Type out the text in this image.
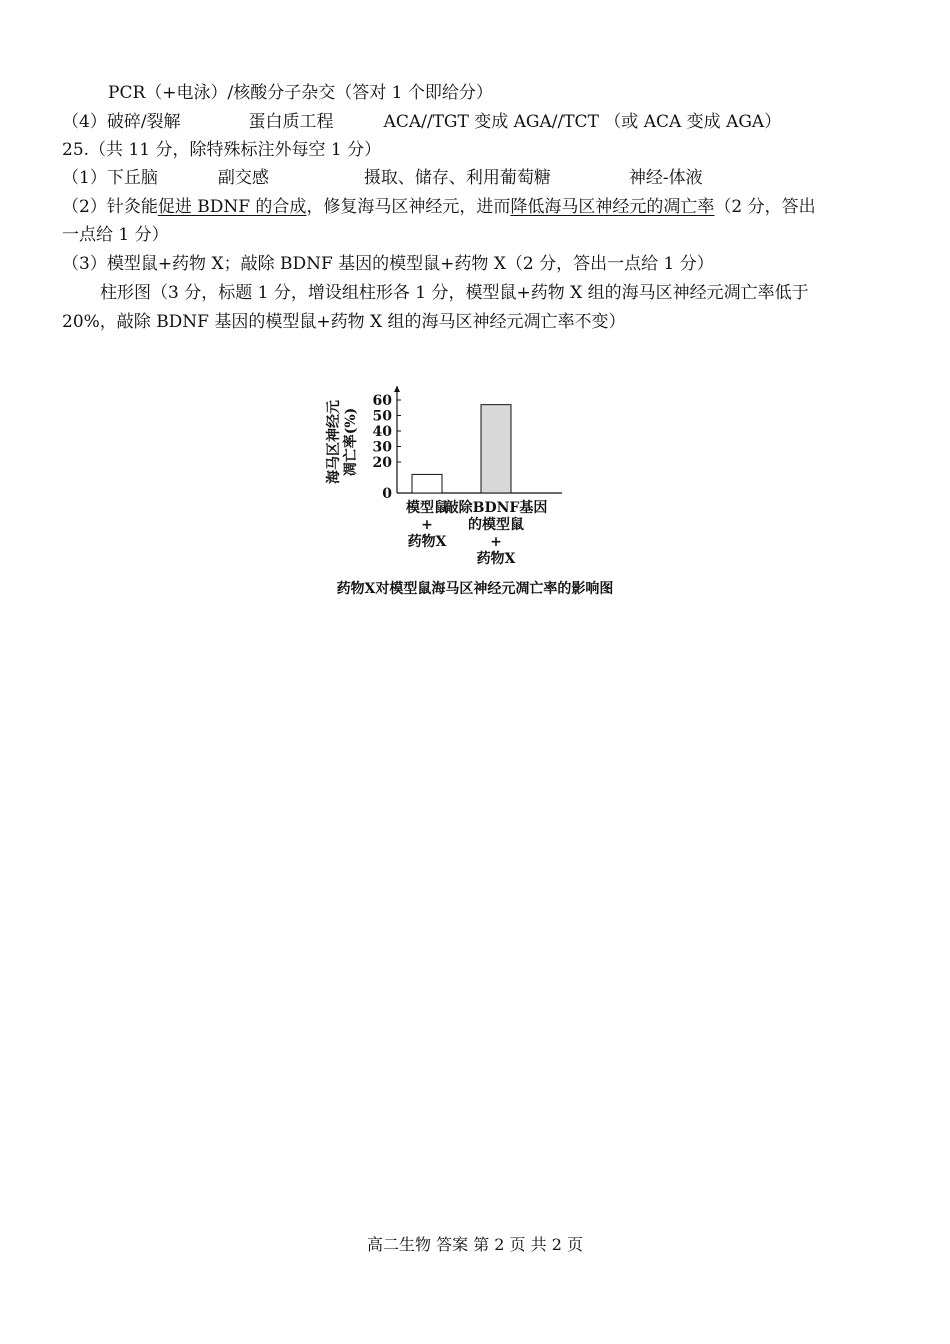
PCR（+电泳）/核酸分子杂交（答对 1 个即给分）
（4）破碎/裂解	蛋白质工程	ACA//TGT 变成 AGA//TCT （或 ACA 变成 AGA）
25.（共 11 分，除特殊标注外每空 1 分）
（1）下丘脑	副交感	摄取、储存、利用葡萄糖	神经-体液
（2）针灸能促进 BDNF 的合成，修复海马区神经元，进而降低海马区神经元的凋亡率（2 分，答出
一点给 1 分）
（3）模型鼠+药物 X；敲除 BDNF 基因的模型鼠+药物 X（2 分，答出一点给 1 分）
柱形图（3 分，标题 1 分，增设组柱形各 1 分，模型鼠+药物 X 组的海马区神经元凋亡率低于
20%，敲除 BDNF 基因的模型鼠+药物 X 组的海马区神经元凋亡率不变）
0
20
30
40
50
60
模型鼠
+
药物X
敲除BDNF基因
的模型鼠
+
药物X
海马区神经元 凋亡率(%)
药物X对模型鼠海马区神经元凋亡率的影响图
高二生物 答案 第 2 页 共 2 页
